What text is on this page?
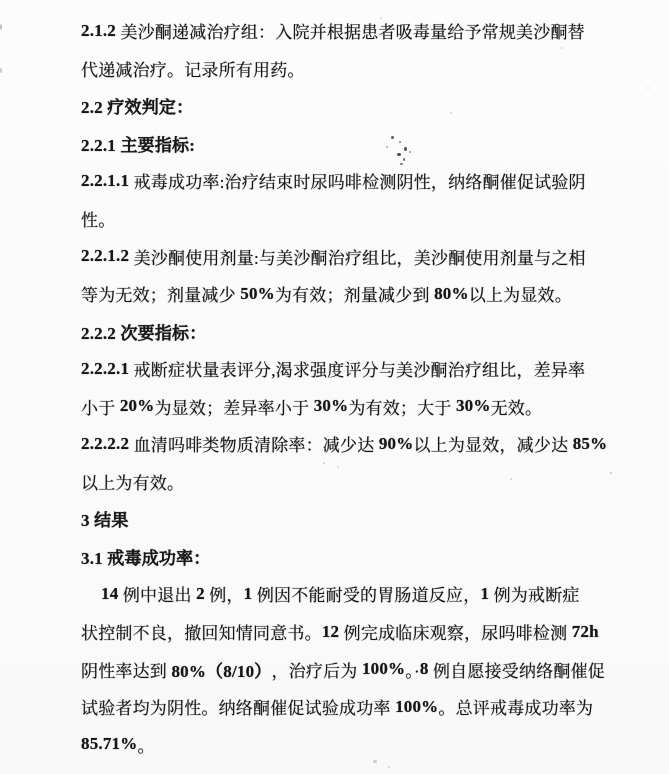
2.1.2 美沙酮递减治疗组：入院并根据患者吸毒量给予常规美沙酮替
代递减治疗。记录所有用药。
2.2 疗效判定：
2.2.1 主要指标:
2.2.1.1 戒毒成功率:治疗结束时尿吗啡检测阴性，纳络酮催促试验阴
性。
2.2.1.2 美沙酮使用剂量:与美沙酮治疗组比，美沙酮使用剂量与之相
等为无效；剂量减少 50% 为有效；剂量减少到 80% 以上为显效。
2.2.2 次要指标：
2.2.2.1 戒断症状量表评分,渴求强度评分与美沙酮治疗组比，差异率
小于 20% 为显效；差异率小于 30% 为有效；大于 30% 无效。
2.2.2.2 血清吗啡类物质清除率：减少达 90% 以上为显效，减少达 85%
以上为有效。
3 结果
3.1 戒毒成功率：
14 例中退出 2 例， 1 例因不能耐受的胃肠道反应， 1 例为戒断症
状控制不良，撤回知情同意书。 12 例完成临床观察，尿吗啡检测 72h
阴性率达到 80%（8/10） ，治疗后为 100% 。· 8 例自愿接受纳络酮催促
试验者均为阴性。纳络酮催促试验成功率 100% 。总评戒毒成功率为
85.71% 。
